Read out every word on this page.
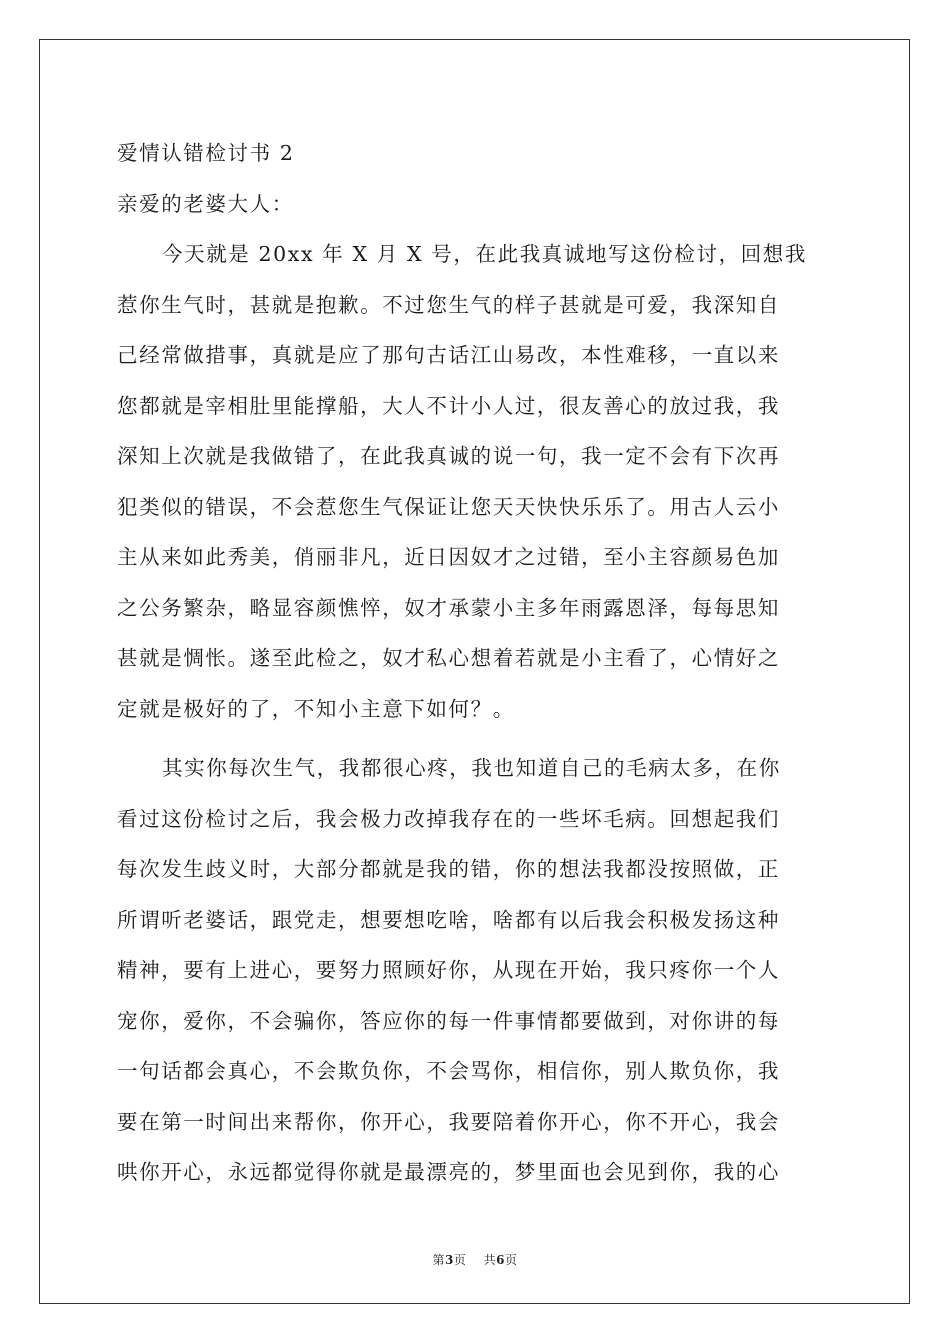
爱情认错检讨书 2
亲爱的老婆大人：
今天就是 20xx 年 X 月 X 号，在此我真诚地写这份检讨，回想我
惹你生气时，甚就是抱歉。不过您生气的样子甚就是可爱，我深知自
己经常做措事，真就是应了那句古话江山易改，本性难移，一直以来
您都就是宰相肚里能撑船，大人不计小人过，很友善心的放过我，我
深知上次就是我做错了，在此我真诚的说一句，我一定不会有下次再
犯类似的错误，不会惹您生气保证让您天天快快乐乐了。用古人云小
主从来如此秀美，俏丽非凡，近日因奴才之过错，至小主容颜易色加
之公务繁杂，略显容颜憔悴，奴才承蒙小主多年雨露恩泽，每每思知
甚就是惆怅。遂至此检之，奴才私心想着若就是小主看了，心情好之
定就是极好的了，不知小主意下如何？。
其实你每次生气，我都很心疼，我也知道自己的毛病太多，在你
看过这份检讨之后，我会极力改掉我存在的一些坏毛病。回想起我们
每次发生歧义时，大部分都就是我的错，你的想法我都没按照做，正
所谓听老婆话，跟党走，想要想吃啥，啥都有以后我会积极发扬这种
精神，要有上进心，要努力照顾好你，从现在开始，我只疼你一个人
宠你，爱你，不会骗你，答应你的每一件事情都要做到，对你讲的每
一句话都会真心，不会欺负你，不会骂你，相信你，别人欺负你，我
要在第一时间出来帮你，你开心，我要陪着你开心，你不开心，我会
哄你开心，永远都觉得你就是最漂亮的，梦里面也会见到你，我的心
第3页 共6页
